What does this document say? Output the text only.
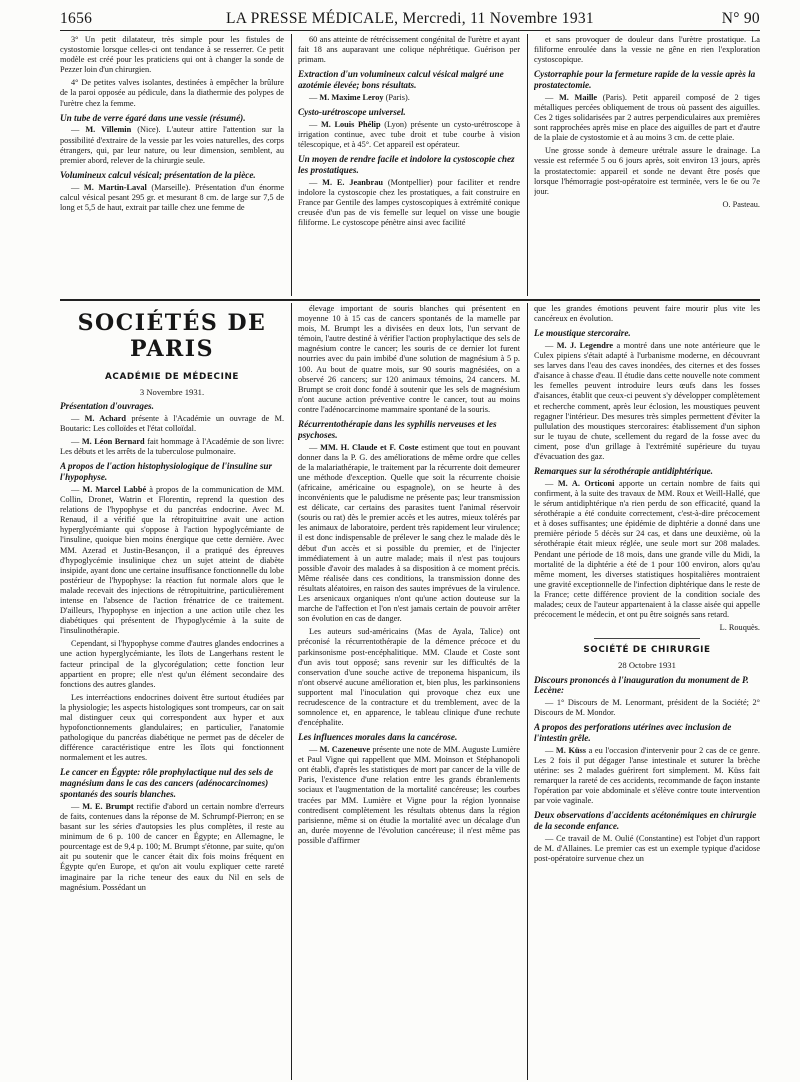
1656	LA PRESSE MÉDICALE, Mercredi, 11 Novembre 1931	N° 90

3° Un petit dilatateur, très simple pour les fistules de cystostomie lorsque celles-ci ont tendance à se resserrer. Ce petit modèle est créé pour les praticiens qui ont à changer la sonde de Pezzer loin d'un chirurgien.

4° De petites valves isolantes, destinées à empêcher la brûlure de la paroi opposée au pédicule, dans la diathermie des polypes de l'urètre chez la femme.

Un tube de verre égaré dans une vessie (résumé).

— M. Villemin (Nice). L'auteur attire l'attention sur la possibilité d'extraire de la vessie par les voies naturelles, des corps étrangers, qui, par leur nature, ou leur dimension, semblent, au premier abord, relever de la chirurgie seule.

Volumineux calcul vésical; présentation de la pièce.

— M. Martin-Laval (Marseille). Présentation d'un énorme calcul vésical pesant 295 gr. et mesurant 8 cm. de large sur 7,5 de long et 5,5 de haut, extrait par taille chez une femme de

60 ans atteinte de rétrécissement congénital de l'urètre et ayant fait 18 ans auparavant une colique néphrétique. Guérison per primam.

Extraction d'un volumineux calcul vésical malgré une azotémie élevée; bons résultats.

— M. Maxime Leroy (Paris).

Cysto-urétroscope universel.

— M. Louis Phélip (Lyon) présente un cysto-urétroscope à irrigation continue, avec tube droit et tube courbe à vision télescopique, et à 45°. Cet appareil est opérateur.

Un moyen de rendre facile et indolore la cystoscopie chez les prostatiques.

— M. E. Jeanbrau (Montpellier) pour faciliter et rendre indolore la cystoscopie chez les prostatiques, a fait construire en France par Gentile des lampes cystoscopiques à extrémité conique creusée d'un pas de vis femelle sur lequel on visse une bougie filiforme. Le cystoscope pénètre ainsi avec facilité

et sans provoquer de douleur dans l'urètre prostatique. La filiforme enroulée dans la vessie ne gêne en rien l'exploration cystoscopique.

Cystorraphie pour la fermeture rapide de la vessie après la prostatectomie.

— M. Maille (Paris). Petit appareil composé de 2 tiges métalliques percées obliquement de trous où passent des aiguilles. Ces 2 tiges solidarisées par 2 autres perpendiculaires aux premières sont rapprochées après mise en place des aiguilles de part et d'autre de la plaie de cystostomie et à au moins 3 cm. de cette plaie.

Une grosse sonde à demeure urétrale assure le drainage. La vessie est refermée 5 ou 6 jours après, soit environ 13 jours, après la prostatectomie: appareil et sonde ne devant être posés que lorsque l'hémorragie post-opératoire est terminée, vers le 6e ou 7e jour.

O. Pasteau.

SOCIÉTÉS DE PARIS
ACADÉMIE DE MÉDECINE

3 Novembre 1931.

Présentation d'ouvrages.

— M. Achard présente à l'Académie un ouvrage de M. Boutaric: Les colloïdes et l'état colloïdal.

— M. Léon Bernard fait hommage à l'Académie de son livre: Les débuts et les arrêts de la tuberculose pulmonaire.

A propos de l'action histophysiologique de l'insuline sur l'hypophyse.

— M. Marcel Labbé à propos de la communication de MM. Collin, Dronet, Watrin et Florentin, reprend la question des relations de l'hypophyse et du pancréas endocrine. Avec M. Renaud, il a vérifié que la rétropituitrine avait une action hyperglycémiante qui s'oppose à l'action hypoglycémiante de l'insuline, quoique bien moins énergique que cette dernière. Avec MM. Azerad et Justin-Besançon, il a pratiqué des épreuves d'hypoglycémie insulinique chez un sujet atteint de diabète insipide, ayant donc une certaine insuffisance fonctionnelle du lobe postérieur de l'hypophyse: la réaction fut normale alors que le malade recevait des injections de rétropituitrine, particulièrement intense en l'absence de l'action frénatrice de ce traitement. D'ailleurs, l'hypophyse en injection a une action utile chez les diabétiques qui présentent de l'hypoglycémie à la suite de l'insulinothérapie.

Cependant, si l'hypophyse comme d'autres glandes endocrines a une action hyperglycémiante, les îlots de Langerhans restent le facteur principal de la glycorégulation; cette fonction leur appartient en propre; elle n'est qu'un élément secondaire des fonctions des autres glandes.

Les interréactions endocrines doivent être surtout étudiées par la physiologie; les aspects histologiques sont trompeurs, car on sait mal distinguer ceux qui correspondent aux hyper et aux hypofonctionnements glandulaires; en particulier, l'anatomie pathologique du pancréas diabétique ne permet pas de déceler de différence caractéristique entre les îlots qui fonctionnent normalement et les autres.

Le cancer en Égypte: rôle prophylactique nul des sels de magnésium dans le cas des cancers (adénocarcinomes) spontanés des souris blanches.

— M. E. Brumpt rectifie d'abord un certain nombre d'erreurs de faits, contenues dans la réponse de M. Schrumpf-Pierron; en se basant sur les séries d'autopsies les plus complètes, il reste au minimum de 6 p. 100 de cancer en Égypte; en Allemagne, le pourcentage est de 9,4 p. 100; M. Brumpt s'étonne, par suite, qu'on ait pu soutenir que le cancer était dix fois moins fréquent en Égypte qu'en Europe, et qu'on ait voulu expliquer cette rareté imaginaire par la riche teneur des eaux du Nil en sels de magnésium. Possédant un

élevage important de souris blanches qui présentent en moyenne 10 à 15 cas de cancers spontanés de la mamelle par mois, M. Brumpt les a divisées en deux lots, l'un servant de témoin, l'autre destiné à vérifier l'action prophylactique des sels de magnésium contre le cancer; les souris de ce dernier lot furent nourries avec du pain imbibé d'une solution de magnésium à 5 p. 100. Au bout de quatre mois, sur 90 souris magnésiées, on a observé 26 cancers; sur 120 animaux témoins, 24 cancers. M. Brumpt se croit donc fondé à soutenir que les sels de magnésium n'ont aucune action préventive contre le cancer, tout au moins contre l'adénocarcinome mammaire spontané de la souris.

Récurrentothérapie dans les syphilis nerveuses et les psychoses.

— MM. H. Claude et F. Coste estiment que tout en pouvant donner dans la P. G. des améliorations de même ordre que celles de la malariathérapie, le traitement par la récurrente doit demeurer une méthode d'exception. Quelle que soit la récurrente choisie (africaine, américaine ou espagnole), on se heurte à des inconvénients que le paludisme ne présente pas; leur transmission est délicate, car certains des parasites tuent l'animal réservoir (souris ou rat) dès le premier accès et les autres, mieux tolérés par les animaux de laboratoire, perdent très rapidement leur virulence; il est donc indispensable de prélever le sang chez le malade dès le début d'un accès et si possible du premier, et de l'injecter immédiatement à un autre malade; mais il n'est pas toujours possible d'avoir des malades à sa disposition à ce moment précis. Même réalisée dans ces conditions, la transmission donne des résultats aléatoires, en raison des sautes imprévues de la virulence. Les arsenicaux organiques n'ont qu'une action douteuse sur la marche de l'affection et l'on n'est jamais certain de pouvoir arrêter son évolution en cas de danger.

Les auteurs sud-américains (Mas de Ayala, Talice) ont préconisé la récurrentothérapie de la démence précoce et du parkinsonisme post-encéphalitique. MM. Claude et Coste sont d'un avis tout opposé; sans revenir sur les difficultés de la conservation d'une souche active de treponema hispanicum, ils n'ont observé aucune amélioration et, bien plus, les parkinsoniens supportent mal l'inoculation qui provoque chez eux une recrudescence de la contracture et du tremblement, avec de la somnolence et, en apparence, le tableau clinique d'une rechute d'encéphalite.

Les influences morales dans la cancérose.

— M. Cazeneuve présente une note de MM. Auguste Lumière et Paul Vigne qui rappellent que MM. Moinson et Stéphanopoli ont établi, d'après les statistiques de mort par cancer de la ville de Paris, l'existence d'une relation entre les grands ébranlements sociaux et l'augmentation de la mortalité cancéreuse; les courbes tracées par MM. Lumière et Vigne pour la région lyonnaise contredisent complètement les résultats obtenus dans la région parisienne, même si on étudie la mortalité avec un décalage d'un an, durée moyenne de l'évolution cancéreuse; il n'est même pas possible d'affirmer

que les grandes émotions peuvent faire mourir plus vite les cancéreux en évolution.

Le moustique stercoraire.

— M. J. Legendre a montré dans une note antérieure que le Culex pipiens s'était adapté à l'urbanisme moderne, en découvrant ses larves dans l'eau des caves inondées, des citernes et des fosses d'aisance à chasse d'eau. Il étudie dans cette nouvelle note comment les femelles peuvent introduire leurs œufs dans les fosses d'aisances, établit que ceux-ci peuvent s'y développer complètement et recherche comment, après leur éclosion, les moustiques peuvent regagner l'intérieur. Des mesures très simples permettent d'éviter la pullulation des moustiques stercoraires: établissement d'un siphon sur le tuyau de chute, scellement du regard de la fosse avec du ciment, pose d'un grillage à l'extrémité supérieure du tuyau d'évacuation des gaz.

Remarques sur la sérothérapie antidiphtérique.

— M. A. Orticoni apporte un certain nombre de faits qui confirment, à la suite des travaux de MM. Roux et Weill-Hallé, que le sérum antidiphtérique n'a rien perdu de son efficacité, quand la sérothérapie a été conduite correctement, c'est-à-dire précocement et à doses suffisantes; une épidémie de diphtérie a donné dans une première période 5 décès sur 24 cas, et dans une deuxième, où la sérothérapie était mieux réglée, une seule mort sur 208 malades. Pendant une période de 18 mois, dans une grande ville du Midi, la mortalité de la diphtérie a été de 1 pour 100 environ, alors qu'au même moment, les diverses statistiques hospitalières montraient une gravité exceptionnelle de l'infection diphtérique dans le reste de la France; cette différence provient de la condition sociale des malades; ceux de l'auteur appartenaient à la classe aisée qui appelle précocement le médecin, et ont pu être soignés sans retard.

L. Rouquès.

SOCIÉTÉ DE CHIRURGIE

28 Octobre 1931

Discours prononcés à l'inauguration du monument de P. Lecène:

— 1° Discours de M. Lenormant, président de la Société; 2° Discours de M. Mondor.

A propos des perforations utérines avec inclusion de l'intestin grêle.

— M. Küss a eu l'occasion d'intervenir pour 2 cas de ce genre. Les 2 fois il put dégager l'anse intestinale et suturer la brèche utérine: ses 2 malades guérirent fort simplement. M. Küss fait remarquer la rareté de ces accidents, recommande de façon instante l'opération par voie abdominale et s'élève contre toute intervention par voie vaginale.

Deux observations d'accidents acétonémiques en chirurgie de la seconde enfance.

— Ce travail de M. Oulié (Constantine) est l'objet d'un rapport de M. d'Allaines. Le premier cas est un exemple typique d'acidose post-opératoire survenue chez un
